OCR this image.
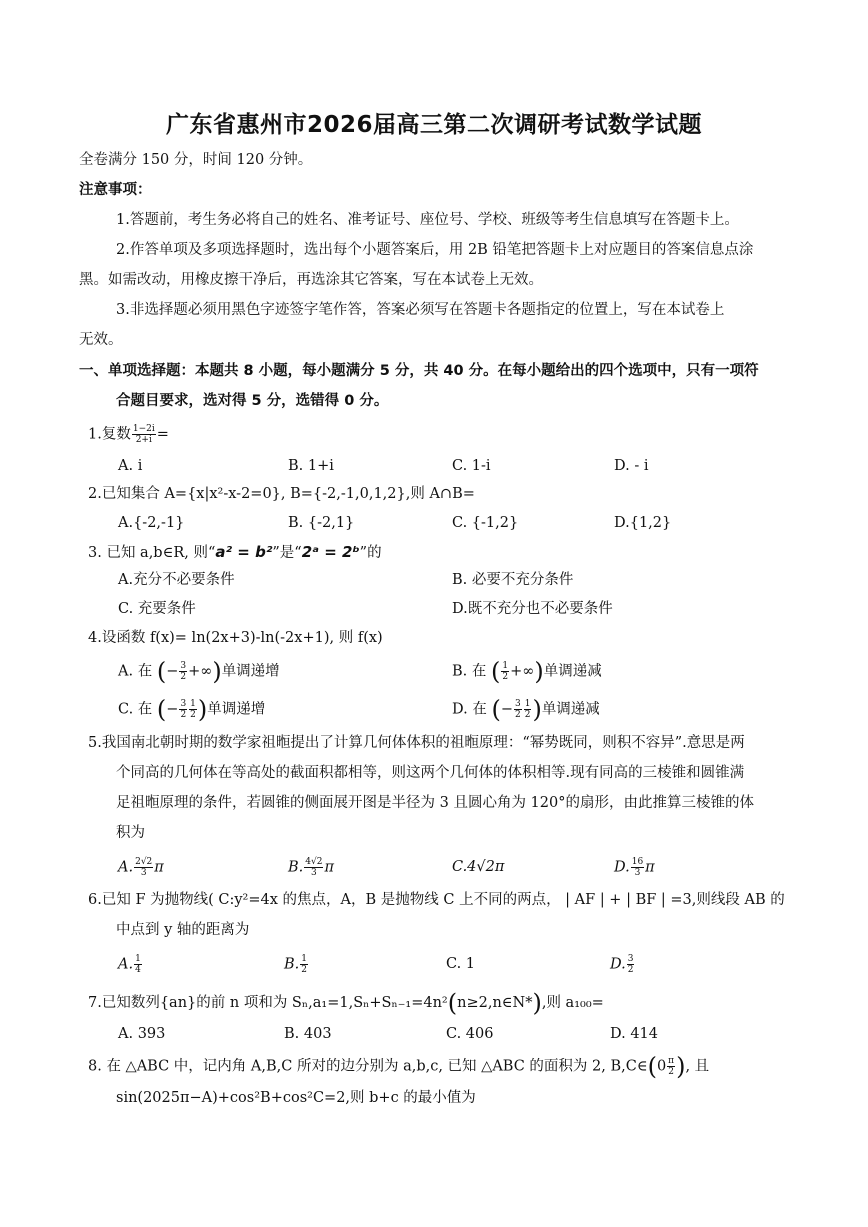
广东省惠州市2026届高三第二次调研考试数学试题
全卷满分 150 分，时间 120 分钟。
注意事项：
1.答题前，考生务必将自己的姓名、准考证号、座位号、学校、班级等考生信息填写在答题卡上。
2.作答单项及多项选择题时，选出每个小题答案后，用 2B 铅笔把答题卡上对应题目的答案信息点涂
黑。如需改动，用橡皮擦干净后，再选涂其它答案，写在本试卷上无效。
3.非选择题必须用黑色字迹签字笔作答，答案必须写在答题卡各题指定的位置上，写在本试卷上
无效。
一、单项选择题：本题共 8 小题，每小题满分 5 分，共 40 分。在每小题给出的四个选项中，只有一项符
合题目要求，选对得 5 分，选错得 0 分。
1.复数 $\frac{1-2i}{2+i}$ =
A. i	B. 1+i	C. 1-i	D. - i
2.已知集合 A={x|x²-x-2=0}, B={-2,-1,0,1,2},则 A∩B=
A.{-2,-1}	B. {-2,1}	C. {-1,2}	D.{1,2}
3. 已知 a,b∈R, 则“a² = b²”是“2ᵃ = 2ᵇ”的
A.充分不必要条件	B. 必要不充分条件
C. 充要条件	D.既不充分也不必要条件
4.设函数 f(x)= ln(2x+3)-ln(-2x+1), 则 f(x)
A. 在 (− $\frac{3}{2}$ +∞)单调递增	B. 在 ( $\frac{1}{2}$ +∞)单调递减
C. 在 (− $\frac{3}{2} \frac{1}{2}$ )单调递增	D. 在 (− $\frac{3}{2} \frac{1}{2}$ )单调递减
5.我国南北朝时期的数学家祖暅提出了计算几何体体积的祖暅原理：“幂势既同，则积不容异”.意思是两
个同高的几何体在等高处的截面积都相等，则这两个几何体的体积相等.现有同高的三棱锥和圆锥满
足祖暅原理的条件，若圆锥的侧面展开图是半径为 3 且圆心角为 120°的扇形，由此推算三棱锥的体
积为
A. $\frac{2√2}{3}$ π	B. $\frac{4√2}{3}$ π	C.4√2π	D. $\frac{16}{3}$ π
6.已知 F 为抛物线( C:y²=4x 的焦点，A，B 是抛物线 C 上不同的两点， | AF | + | BF | =3,则线段 AB 的
中点到 y 轴的距离为
A. $\frac{1}{4}$	B. $\frac{1}{2}$	C. 1	D. $\frac{3}{2}$
7.已知数列{an}的前 n 项和为 Sₙ,a₁=1,Sₙ+Sₙ₋₁=4n²(n≥2,n∈N*),则 a₁₀₀=
A. 393	B. 403	C. 406	D. 414
8. 在 △ABC 中，记内角 A,B,C 所对的边分别为 a,b,c, 已知 △ABC 的面积为 2, B,C∈(0 $\frac{\pi}{2}$ ), 且
sin(2025π−A)+cos²B+cos²C=2,则 b+c 的最小值为
